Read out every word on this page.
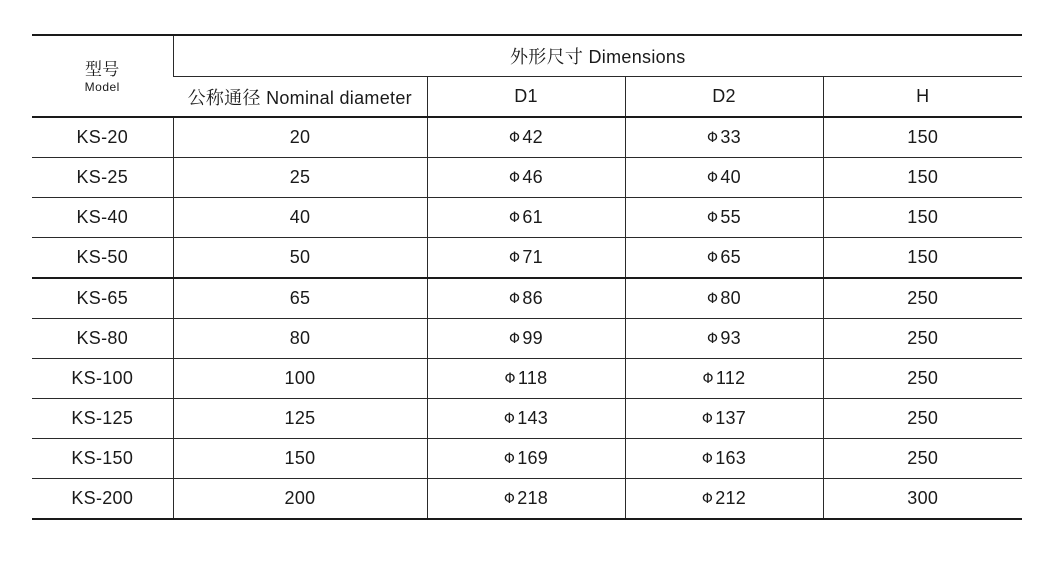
型号
Model	外形尺寸 Dimensions			
	公称通径 Nominal diameter	D1	D2	H
KS-20	20	Φ 42	Φ 33	150
KS-25	25	Φ 46	Φ 40	150
KS-40	40	Φ 61	Φ 55	150
KS-50	50	Φ 71	Φ 65	150
KS-65	65	Φ 86	Φ 80	250
KS-80	80	Φ 99	Φ 93	250
KS-100	100	Φ 118	Φ 112	250
KS-125	125	Φ 143	Φ 137	250
KS-150	150	Φ 169	Φ 163	250
KS-200	200	Φ 218	Φ 212	300
